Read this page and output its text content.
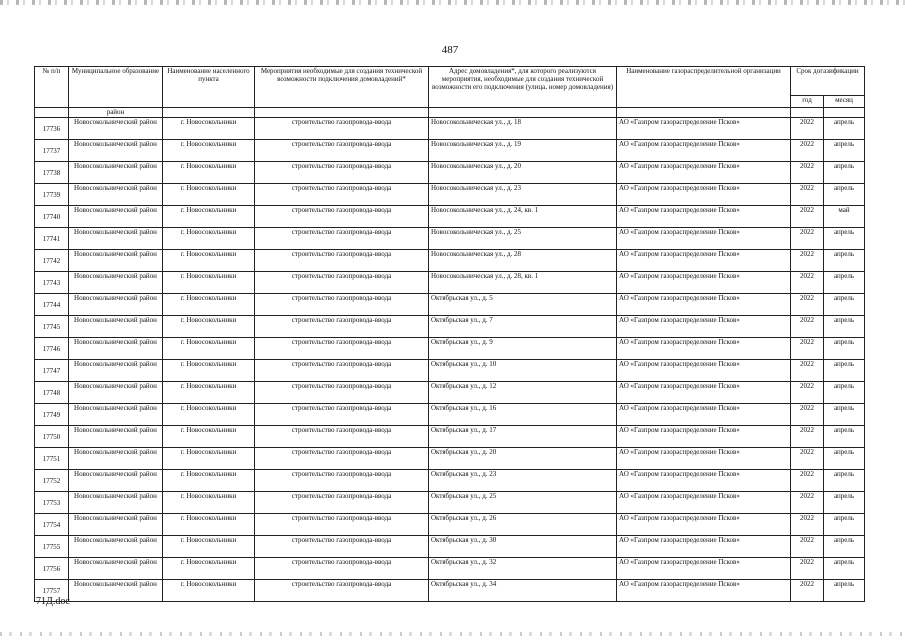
487
№ п/п	Муниципальное образование	Наименование населенного пункта	Мероприятия необходимые для создания технической возможности подключения домовладений*	Адрес домовладения*, для которого реализуются мероприятия, необходимые для создания технической возможности его подключения (улица, номер домовладения)	Наименование газораспределительной организации	Срок догазификации	
						год	месяц
	район						
17736	Новосокольнический район	г. Новосокольники	строительство газопровода-ввода	Новосокольническая ул., д. 18	АО «Газпром газораспределение Псков»	2022	апрель
17737	Новосокольнический район	г. Новосокольники	строительство газопровода-ввода	Новосокольническая ул., д. 19	АО «Газпром газораспределение Псков»	2022	апрель
17738	Новосокольнический район	г. Новосокольники	строительство газопровода-ввода	Новосокольническая ул., д. 20	АО «Газпром газораспределение Псков»	2022	апрель
17739	Новосокольнический район	г. Новосокольники	строительство газопровода-ввода	Новосокольническая ул., д. 23	АО «Газпром газораспределение Псков»	2022	апрель
17740	Новосокольнический район	г. Новосокольники	строительство газопровода-ввода	Новосокольническая ул., д. 24, кв. 1	АО «Газпром газораспределение Псков»	2022	май
17741	Новосокольнический район	г. Новосокольники	строительство газопровода-ввода	Новосокольническая ул., д. 25	АО «Газпром газораспределение Псков»	2022	апрель
17742	Новосокольнический район	г. Новосокольники	строительство газопровода-ввода	Новосокольническая ул., д. 28	АО «Газпром газораспределение Псков»	2022	апрель
17743	Новосокольнический район	г. Новосокольники	строительство газопровода-ввода	Новосокольническая ул., д. 28, кв. 1	АО «Газпром газораспределение Псков»	2022	апрель
17744	Новосокольнический район	г. Новосокольники	строительство газопровода-ввода	Октябрьская ул., д. 5	АО «Газпром газораспределение Псков»	2022	апрель
17745	Новосокольнический район	г. Новосокольники	строительство газопровода-ввода	Октябрьская ул., д. 7	АО «Газпром газораспределение Псков»	2022	апрель
17746	Новосокольнический район	г. Новосокольники	строительство газопровода-ввода	Октябрьская ул., д. 9	АО «Газпром газораспределение Псков»	2022	апрель
17747	Новосокольнический район	г. Новосокольники	строительство газопровода-ввода	Октябрьская ул., д. 10	АО «Газпром газораспределение Псков»	2022	апрель
17748	Новосокольнический район	г. Новосокольники	строительство газопровода-ввода	Октябрьская ул., д. 12	АО «Газпром газораспределение Псков»	2022	апрель
17749	Новосокольнический район	г. Новосокольники	строительство газопровода-ввода	Октябрьская ул., д. 16	АО «Газпром газораспределение Псков»	2022	апрель
17750	Новосокольнический район	г. Новосокольники	строительство газопровода-ввода	Октябрьская ул., д. 17	АО «Газпром газораспределение Псков»	2022	апрель
17751	Новосокольнический район	г. Новосокольники	строительство газопровода-ввода	Октябрьская ул., д. 20	АО «Газпром газораспределение Псков»	2022	апрель
17752	Новосокольнический район	г. Новосокольники	строительство газопровода-ввода	Октябрьская ул., д. 23	АО «Газпром газораспределение Псков»	2022	апрель
17753	Новосокольнический район	г. Новосокольники	строительство газопровода-ввода	Октябрьская ул., д. 25	АО «Газпром газораспределение Псков»	2022	апрель
17754	Новосокольнический район	г. Новосокольники	строительство газопровода-ввода	Октябрьская ул., д. 26	АО «Газпром газораспределение Псков»	2022	апрель
17755	Новосокольнический район	г. Новосокольники	строительство газопровода-ввода	Октябрьская ул., д. 30	АО «Газпром газораспределение Псков»	2022	апрель
17756	Новосокольнический район	г. Новосокольники	строительство газопровода-ввода	Октябрьская ул., д. 32	АО «Газпром газораспределение Псков»	2022	апрель
17757	Новосокольнический район	г. Новосокольники	строительство газопровода-ввода	Октябрьская ул., д. 34	АО «Газпром газораспределение Псков»	2022	апрель
71Д.doc
